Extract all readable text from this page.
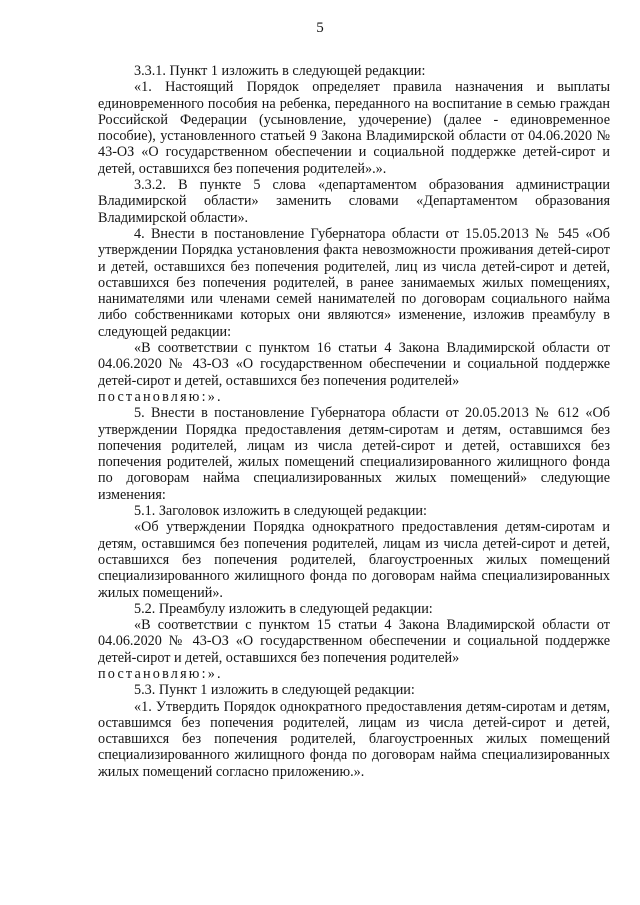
5

3.3.1. Пункт 1 изложить в следующей редакции:

«1. Настоящий Порядок определяет правила назначения и выплаты единовременного пособия на ребенка, переданного на воспитание в семью граждан Российской Федерации (усыновление, удочерение) (далее - единовременное пособие), установленного статьей 9 Закона Владимирской области от 04.06.2020 № 43-ОЗ «О государственном обеспечении и социальной поддержке детей-сирот и детей, оставшихся без попечения родителей».».

3.3.2. В пункте 5 слова «департаментом образования администрации Владимирской области» заменить словами «Департаментом образования Владимирской области».

4. Внести в постановление Губернатора области от 15.05.2013 № 545 «Об утверждении Порядка установления факта невозможности проживания детей-сирот и детей, оставшихся без попечения родителей, лиц из числа детей-сирот и детей, оставшихся без попечения родителей, в ранее занимаемых жилых помещениях, нанимателями или членами семей нанимателей по договорам социального найма либо собственниками которых они являются» изменение, изложив преамбулу в следующей редакции:

«В соответствии с пунктом 16 статьи 4 Закона Владимирской области от 04.06.2020 № 43-ОЗ «О государственном обеспечении и социальной поддержке детей-сирот и детей, оставшихся без попечения родителей»

постановляю:».

5. Внести в постановление Губернатора области от 20.05.2013 № 612 «Об утверждении Порядка предоставления детям-сиротам и детям, оставшимся без попечения родителей, лицам из числа детей-сирот и детей, оставшихся без попечения родителей, жилых помещений специализированного жилищного фонда по договорам найма специализированных жилых помещений» следующие изменения:

5.1. Заголовок изложить в следующей редакции:

«Об утверждении Порядка однократного предоставления детям-сиротам и детям, оставшимся без попечения родителей, лицам из числа детей-сирот и детей, оставшихся без попечения родителей, благоустроенных жилых помещений специализированного жилищного фонда по договорам найма специализированных жилых помещений».

5.2. Преамбулу изложить в следующей редакции:

«В соответствии с пунктом 15 статьи 4 Закона Владимирской области от 04.06.2020 № 43-ОЗ «О государственном обеспечении и социальной поддержке детей-сирот и детей, оставшихся без попечения родителей»

постановляю:».

5.3. Пункт 1 изложить в следующей редакции:

«1. Утвердить Порядок однократного предоставления детям-сиротам и детям, оставшимся без попечения родителей, лицам из числа детей-сирот и детей, оставшихся без попечения родителей, благоустроенных жилых помещений специализированного жилищного фонда по договорам найма специализированных жилых помещений согласно приложению.».
